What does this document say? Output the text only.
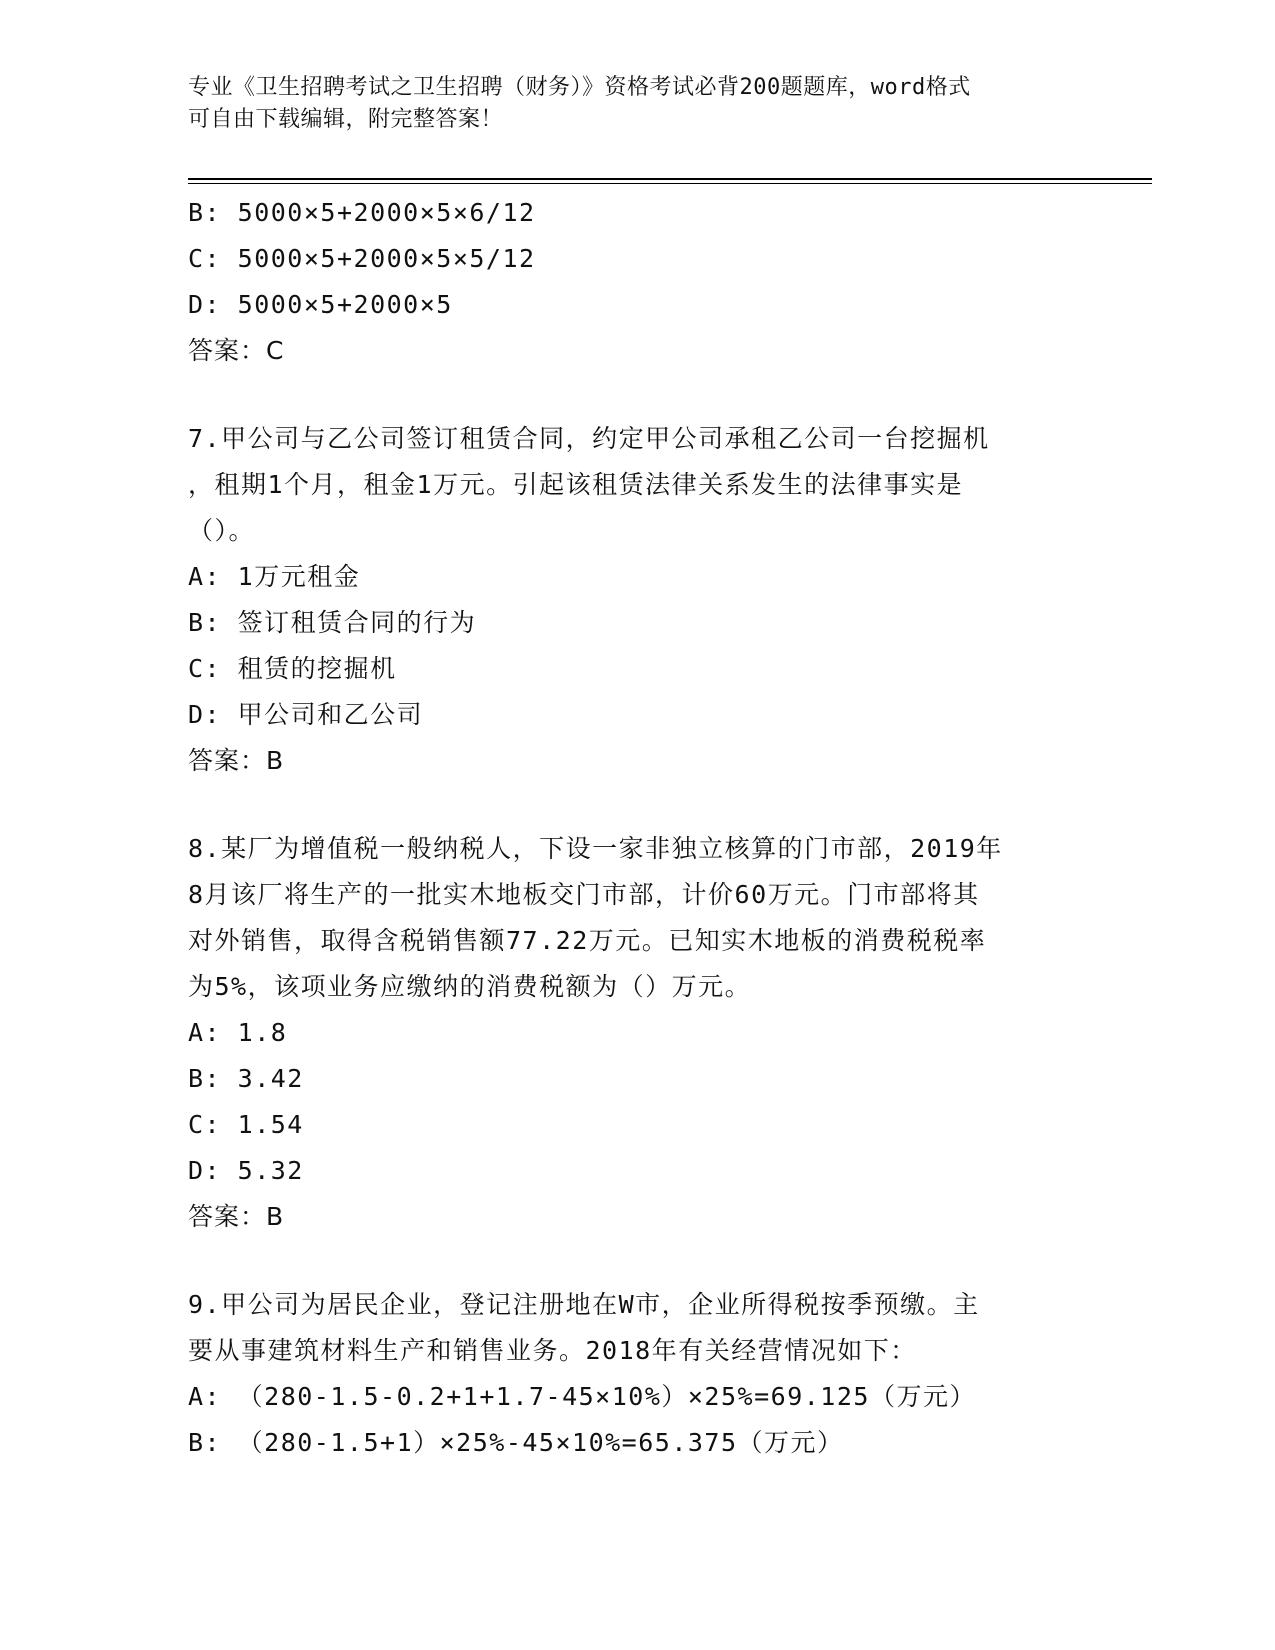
专业《卫生招聘考试之卫生招聘（财务）》资格考试必背200题题库，word格式
可自由下载编辑，附完整答案！

B: 5000×5+2000×5×6/12

C: 5000×5+2000×5×5/12

D: 5000×5+2000×5

答案：C

7.甲公司与乙公司签订租赁合同，约定甲公司承租乙公司一台挖掘机

，租期1个月，租金1万元。引起该租赁法律关系发生的法律事实是

（）。

A: 1万元租金

B: 签订租赁合同的行为

C: 租赁的挖掘机

D: 甲公司和乙公司

答案：B

8.某厂为增值税一般纳税人，下设一家非独立核算的门市部，2019年

8月该厂将生产的一批实木地板交门市部，计价60万元。门市部将其

对外销售，取得含税销售额77.22万元。已知实木地板的消费税税率

为5%，该项业务应缴纳的消费税额为（）万元。

A: 1.8

B: 3.42

C: 1.54

D: 5.32

答案：B

9.甲公司为居民企业，登记注册地在W市，企业所得税按季预缴。主

要从事建筑材料生产和销售业务。2018年有关经营情况如下：

A: （280-1.5-0.2+1+1.7-45×10%）×25%=69.125（万元）

B: （280-1.5+1）×25%-45×10%=65.375（万元）
